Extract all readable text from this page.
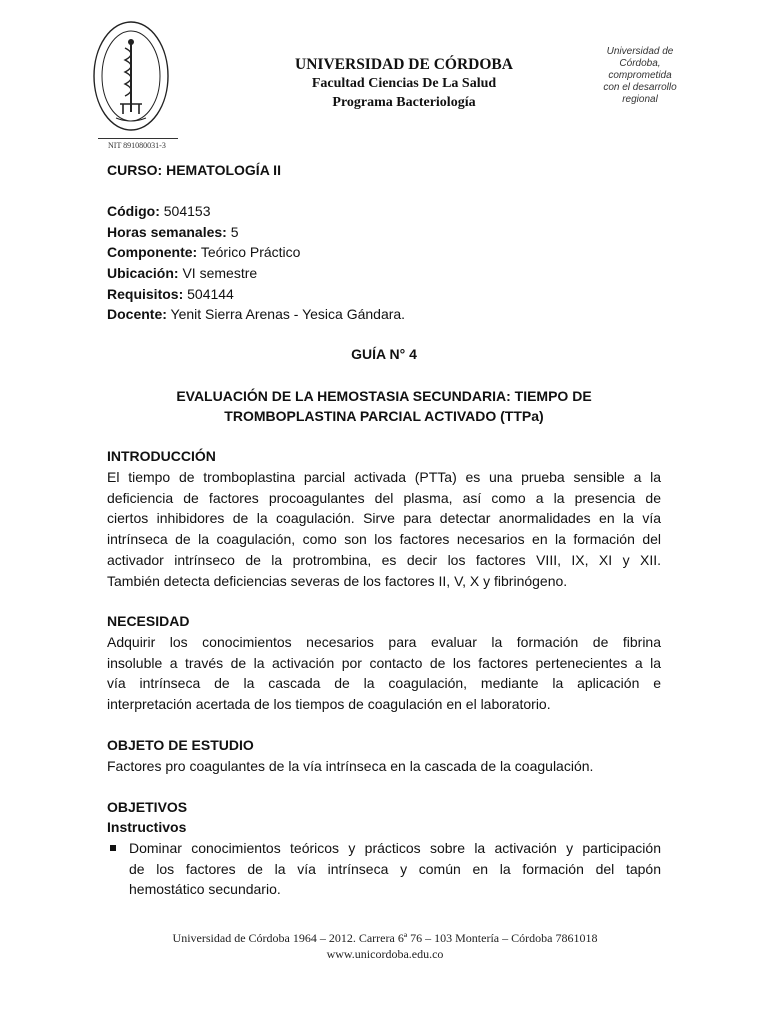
NIT 891080031-3
UNIVERSIDAD DE CÓRDOBA
Facultad Ciencias De La Salud
Programa Bacteriología
Universidad de
Córdoba,
comprometida
con el desarrollo
regional
CURSO: HEMATOLOGÍA II
Código: 504153
Horas semanales: 5
Componente: Teórico Práctico
Ubicación: VI semestre
Requisitos: 504144
Docente: Yenit Sierra Arenas - Yesica Gándara.
GUÍA N° 4
EVALUACIÓN DE LA HEMOSTASIA SECUNDARIA: TIEMPO DE
TROMBOPLASTINA PARCIAL ACTIVADO (TTPa)
INTRODUCCIÓN
El tiempo de tromboplastina parcial activada (PTTa) es una prueba sensible a la
deficiencia de factores procoagulantes del plasma, así como a la presencia de
ciertos inhibidores de la coagulación. Sirve para detectar anormalidades en la vía
intrínseca de la coagulación, como son los factores necesarios en la formación del
activador intrínseco de la protrombina, es decir los factores VIII, IX, XI y XII.
También detecta deficiencias severas de los factores II, V, X y fibrinógeno.
NECESIDAD
Adquirir los conocimientos necesarios para evaluar la formación de fibrina
insoluble a través de la activación por contacto de los factores pertenecientes a la
vía intrínseca de la cascada de la coagulación, mediante la aplicación e
interpretación acertada de los tiempos de coagulación en el laboratorio.
OBJETO DE ESTUDIO
Factores pro coagulantes de la vía intrínseca en la cascada de la coagulación.
OBJETIVOS
Instructivos
Dominar conocimientos teóricos y prácticos sobre la activación y participación
de los factores de la vía intrínseca y común en la formación del tapón
hemostático secundario.
Universidad de Córdoba 1964 – 2012. Carrera 6ª 76 – 103 Montería – Córdoba 7861018
www.unicordoba.edu.co
